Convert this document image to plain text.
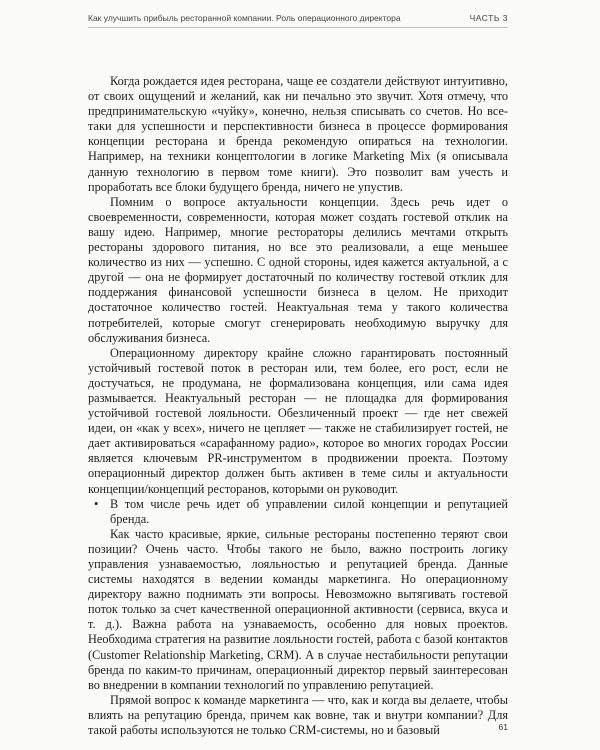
Как улучшить прибыль ресторанной компании. Роль операционного директора	ЧАСТЬ 3

Когда рождается идея ресторана, чаще ее создатели действуют интуитивно, от своих ощущений и желаний, как ни печально это звучит. Хотя отмечу, что предпринимательскую «чуйку», конечно, нельзя списывать со счетов. Но все-таки для успешности и перспективности бизнеса в процессе формирования концепции ресторана и бренда рекомендую опираться на технологии. Например, на техники концептологии в логике Marketing Mix (я описывала данную технологию в первом томе книги). Это позволит вам учесть и проработать все блоки будущего бренда, ничего не упустив.

Помним о вопросе актуальности концепции. Здесь речь идет о своевременности, современности, которая может создать гостевой отклик на вашу идею. Например, многие рестораторы делились мечтами открыть рестораны здорового питания, но все это реализовали, а еще меньшее количество из них — успешно. С одной стороны, идея кажется актуальной, а с другой — она не формирует достаточный по количеству гостевой отклик для поддержания финансовой успешности бизнеса в целом. Не приходит достаточное количество гостей. Неактуальная тема у такого количества потребителей, которые смогут сгенерировать необходимую выручку для обслуживания бизнеса.

Операционному директору крайне сложно гарантировать постоянный устойчивый гостевой поток в ресторан или, тем более, его рост, если не достучаться, не продумана, не формализована концепция, или сама идея размывается. Неактуальный ресторан — не площадка для формирования устойчивой гостевой лояльности. Обезличенный проект — где нет свежей идеи, он «как у всех», ничего не цепляет — также не стабилизирует гостей, не дает активироваться «сарафанному радио», которое во многих городах России является ключевым PR-инструментом в продвижении проекта. Поэтому операционный директор должен быть активен в теме силы и актуальности концепции/концепций ресторанов, которыми он руководит.

• В том числе речь идет об управлении силой концепции и репутацией бренда.

Как часто красивые, яркие, сильные рестораны постепенно теряют свои позиции? Очень часто. Чтобы такого не было, важно построить логику управления узнаваемостью, лояльностью и репутацией бренда. Данные системы находятся в ведении команды маркетинга. Но операционному директору важно поднимать эти вопросы. Невозможно вытягивать гостевой поток только за счет качественной операционной активности (сервиса, вкуса и т. д.). Важна работа на узнаваемость, особенно для новых проектов. Необходима стратегия на развитие лояльности гостей, работа с базой контактов (Customer Relationship Marketing, CRM). А в случае нестабильности репутации бренда по каким-то причинам, операционный директор первый заинтересован во внедрении в компании технологий по управлению репутацией.

Прямой вопрос к команде маркетинга — что, как и когда вы делаете, чтобы влиять на репутацию бренда, причем как вовне, так и внутри компании? Для такой работы используются не только CRM-системы, но и базовый	61
